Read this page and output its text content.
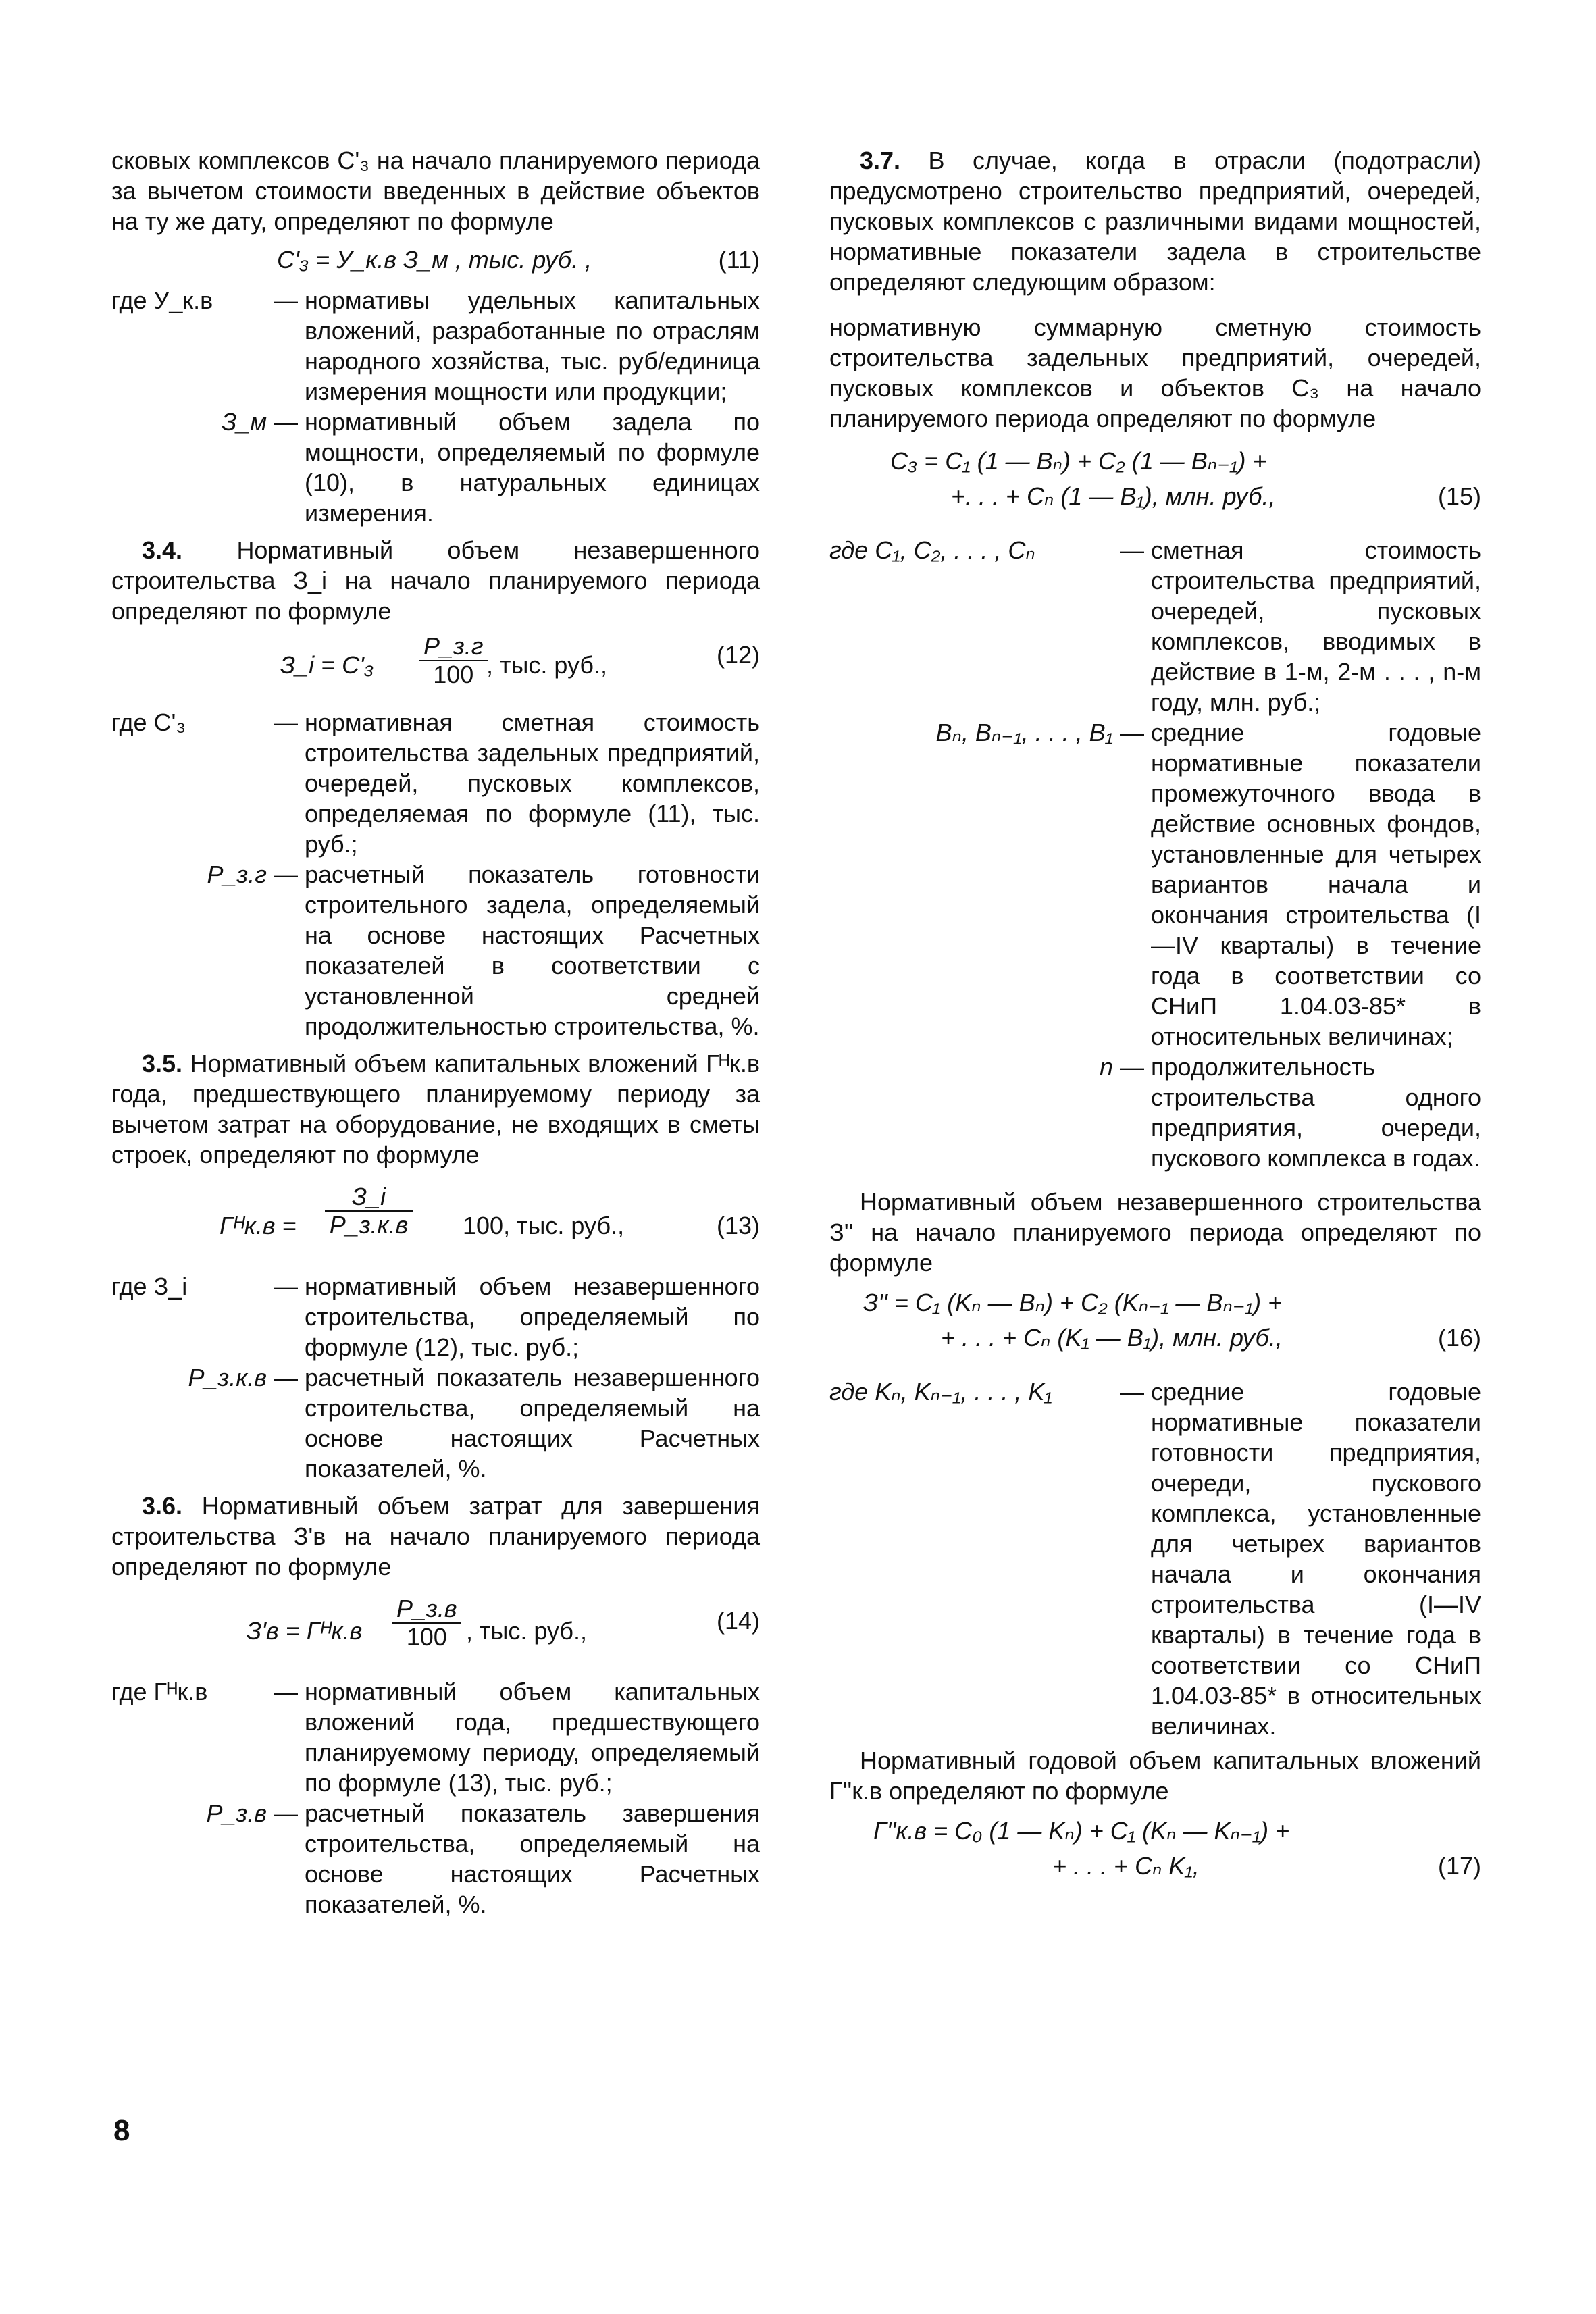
сковых комплексов C'₃ на начало планируемого периода за вычетом стоимости введенных в действие объектов на ту же дату, определяют по формуле

C'₃ = У_к.в З_м , тыс. руб. ,	(11)
где У_к.в	— нормативы удельных капитальных вложений, разработанные по отраслям народного хозяйства, тыс. руб/единица измерения мощности или продукции;
З_м — нормативный объем задела по мощности, определяемый по формуле (10), в натуральных единицах измерения.

3.4. Нормативный объем незавершенного строительства З_i на начало планируемого периода определяют по формуле

З_i = C'₃
P_з.г
100 , тыс. руб.,	(12)
где C'₃	— нормативная сметная стоимость строительства задельных предприятий, очередей, пусковых комплексов, определяемая по формуле (11), тыс. руб.;
P_з.г — расчетный показатель готовности строительного задела, определяемый на основе настоящих Расчетных показателей в соответствии с установленной средней продолжительностью строительства, %.

3.5. Нормативный объем капитальных вложений Гᴴк.в года, предшествующего планируемому периоду за вычетом затрат на оборудование, не входящих в сметы строек, определяют по формуле

Гᴴк.в =
З_i
P_з.к.в 100, тыс. руб.,	(13)
где З_i	— нормативный объем незавершенного строительства, определяемый по формуле (12), тыс. руб.;
P_з.к.в — расчетный показатель незавершенного строительства, определяемый на основе настоящих Расчетных показателей, %.

3.6. Нормативный объем затрат для завершения строительства З'в на начало планируемого периода определяют по формуле

З'в = Гᴴк.в
P_з.в
100 , тыс. руб.,	(14)
где Гᴴк.в	— нормативный объем капитальных вложений года, предшествующего планируемому периоду, определяемый по формуле (13), тыс. руб.;
P_з.в — расчетный показатель завершения строительства, определяемый на основе настоящих Расчетных показателей, %.

3.7. В случае, когда в отрасли (подотрасли) предусмотрено строительство предприятий, очередей, пусковых комплексов с различными видами мощностей, нормативные показатели задела в строительстве определяют следующим образом:

нормативную суммарную сметную стоимость строительства задельных предприятий, очередей, пусковых комплексов и объектов C₃ на начало планируемого периода определяют по формуле

C₃ = C₁ (1 — Bₙ) + C₂ (1 — Bₙ₋₁) +
+. . . + Cₙ (1 — B₁), млн. руб.,	(15)
где C₁, C₂, . . . , Cₙ	— сметная стоимость строительства предприятий, очередей, пусковых комплексов, вводимых в действие в 1-м, 2-м . . . , n-м году, млн. руб.;
Bₙ, Bₙ₋₁, . . . , B₁ — средние годовые нормативные показатели промежуточного ввода в действие основных фондов, установленные для четырех вариантов начала и окончания строительства (I—IV кварталы) в течение года в соответствии со СНиП 1.04.03-85* в относительных величинах;
n — продолжительность строительства одного предприятия, очереди, пускового комплекса в годах.

Нормативный объем незавершенного строительства З'' на начало планируемого периода определяют по формуле

З'' = C₁ (Kₙ — Bₙ) + C₂ (Kₙ₋₁ — Bₙ₋₁) +
+ . . . + Cₙ (K₁ — B₁), млн. руб.,	(16)
где Kₙ, Kₙ₋₁, . . . , K₁	— средние годовые нормативные показатели готовности предприятия, очереди, пускового комплекса, установленные для четырех вариантов начала и окончания строительства (I—IV кварталы) в течение года в соответствии со СНиП 1.04.03-85* в относительных величинах.

Нормативный годовой объем капитальных вложений Г''к.в определяют по формуле

Г''к.в = C₀ (1 — Kₙ) + C₁ (Kₙ — Kₙ₋₁) +
+ . . . + Cₙ K₁,	(17)
8
